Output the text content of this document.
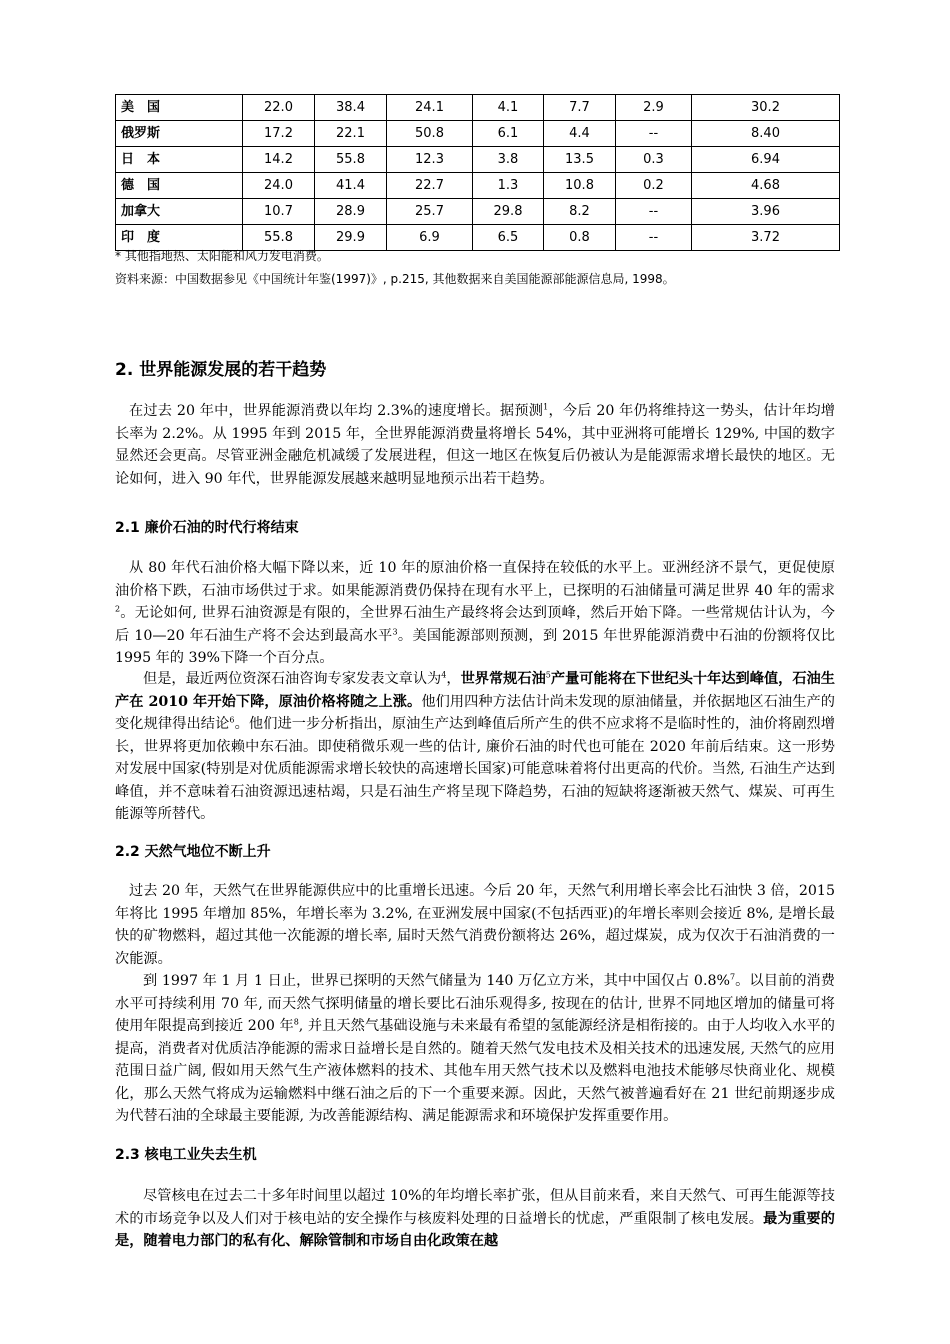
美　国	22.0	38.4	24.1	4.1	7.7	2.9	30.2
俄罗斯	17.2	22.1	50.8	6.1	4.4	--	8.40
日　本	14.2	55.8	12.3	3.8	13.5	0.3	6.94
德　国	24.0	41.4	22.7	1.3	10.8	0.2	4.68
加拿大	10.7	28.9	25.7	29.8	8.2	--	3.96
印　度	55.8	29.9	6.9	6.5	0.8	--	3.72
* 其他指地热、太阳能和风力发电消费。
资料来源：中国数据参见《中国统计年鉴(1997)》, p.215, 其他数据来自美国能源部能源信息局, 1998。
2. 世界能源发展的若干趋势

在过去 20 年中，世界能源消费以年均 2.3%的速度增长。据预测$^1$，今后 20 年仍将维持这一势头，估计年均增长率为 2.2%。从 1995 年到 2015 年，全世界能源消费量将增长 54%，其中亚洲将可能增长 129%, 中国的数字显然还会更高。尽管亚洲金融危机减缓了发展进程，但这一地区在恢复后仍被认为是能源需求增长最快的地区。无论如何，进入 90 年代，世界能源发展越来越明显地预示出若干趋势。

2.1 廉价石油的时代行将结束

从 80 年代石油价格大幅下降以来，近 10 年的原油价格一直保持在较低的水平上。亚洲经济不景气，更促使原油价格下跌，石油市场供过于求。如果能源消费仍保持在现有水平上，已探明的石油储量可满足世界 40 年的需求$^2$。无论如何, 世界石油资源是有限的，全世界石油生产最终将会达到顶峰，然后开始下降。一些常规估计认为，今后 10—20 年石油生产将不会达到最高水平$^3$。美国能源部则预测，到 2015 年世界能源消费中石油的份额将仅比 1995 年的 39%下降一个百分点。

但是，最近两位资深石油咨询专家发表文章认为$^4$，世界常规石油$^5$产量可能将在下世纪头十年达到峰值，石油生产在 2010 年开始下降，原油价格将随之上涨。他们用四种方法估计尚未发现的原油储量，并依据地区石油生产的变化规律得出结论$^6$。他们进一步分析指出，原油生产达到峰值后所产生的供不应求将不是临时性的，油价将剧烈增长，世界将更加依赖中东石油。即使稍微乐观一些的估计, 廉价石油的时代也可能在 2020 年前后结束。这一形势对发展中国家(特别是对优质能源需求增长较快的高速增长国家)可能意味着将付出更高的代价。当然, 石油生产达到峰值，并不意味着石油资源迅速枯竭，只是石油生产将呈现下降趋势，石油的短缺将逐渐被天然气、煤炭、可再生能源等所替代。

2.2 天然气地位不断上升

过去 20 年，天然气在世界能源供应中的比重增长迅速。今后 20 年，天然气利用增长率会比石油快 3 倍，2015 年将比 1995 年增加 85%，年增长率为 3.2%, 在亚洲发展中国家(不包括西亚)的年增长率则会接近 8%, 是增长最快的矿物燃料，超过其他一次能源的增长率, 届时天然气消费份额将达 26%，超过煤炭，成为仅次于石油消费的一次能源。

到 1997 年 1 月 1 日止，世界已探明的天然气储量为 140 万亿立方米，其中中国仅占 0.8%$^7$。以目前的消费水平可持续利用 70 年, 而天然气探明储量的增长要比石油乐观得多, 按现在的估计, 世界不同地区增加的储量可将使用年限提高到接近 200 年$^8$, 并且天然气基础设施与未来最有希望的氢能源经济是相衔接的。由于人均收入水平的提高，消费者对优质洁净能源的需求日益增长是自然的。随着天然气发电技术及相关技术的迅速发展, 天然气的应用范围日益广阔, 假如用天然气生产液体燃料的技术、其他车用天然气技术以及燃料电池技术能够尽快商业化、规模化，那么天然气将成为运输燃料中继石油之后的下一个重要来源。因此，天然气被普遍看好在 21 世纪前期逐步成为代替石油的全球最主要能源, 为改善能源结构、满足能源需求和环境保护发挥重要作用。

2.3 核电工业失去生机

尽管核电在过去二十多年时间里以超过 10%的年均增长率扩张，但从目前来看，来自天然气、可再生能源等技术的市场竞争以及人们对于核电站的安全操作与核废料处理的日益增长的忧虑，严重限制了核电发展。最为重要的是，随着电力部门的私有化、解除管制和市场自由化政策在越
